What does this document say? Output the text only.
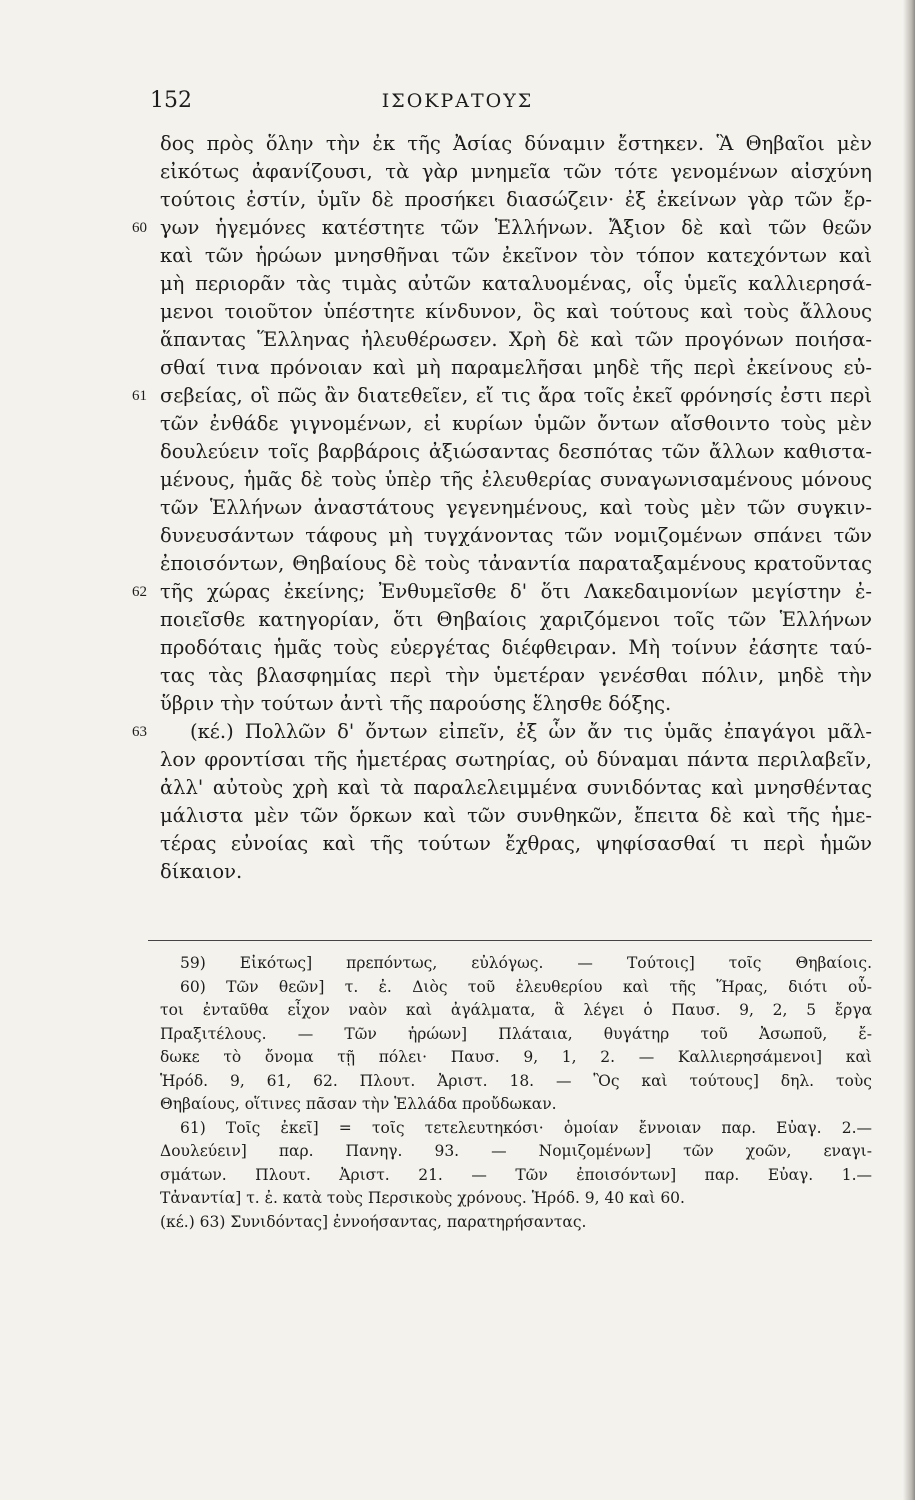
152	ΙΣΟΚΡΑΤΟΥΣ
δος πρὸς ὅλην τὴν ἐκ τῆς Ἀσίας δύναμιν ἔστηκεν. Ἃ Θηβαῖοι μὲν
εἰκότως ἀφανίζουσι, τὰ γὰρ μνημεῖα τῶν τότε γενομένων αἰσχύνη
τούτοις ἐστίν, ὑμῖν δὲ προσήκει διασώζειν· ἐξ ἐκείνων γὰρ τῶν ἔρ-
γων ἡγεμόνες κατέστητε τῶν Ἑλλήνων. Ἄξιον δὲ καὶ τῶν θεῶν
60
καὶ τῶν ἡρώων μνησθῆναι τῶν ἐκεῖνον τὸν τόπον κατεχόντων καὶ
μὴ περιορᾶν τὰς τιμὰς αὐτῶν καταλυομένας, οἷς ὑμεῖς καλλιερησά-
μενοι τοιοῦτον ὑπέστητε κίνδυνον, ὃς καὶ τούτους καὶ τοὺς ἄλλους
ἅπαντας Ἕλληνας ἠλευθέρωσεν. Χρὴ δὲ καὶ τῶν προγόνων ποιήσα-
σθαί τινα πρόνοιαν καὶ μὴ παραμελῆσαι μηδὲ τῆς περὶ ἐκείνους εὐ-
σεβείας, οἳ πῶς ἂν διατεθεῖεν, εἴ τις ἄρα τοῖς ἐκεῖ φρόνησίς ἐστι περὶ
61
τῶν ἐνθάδε γιγνομένων, εἰ κυρίων ὑμῶν ὄντων αἴσθοιντο τοὺς μὲν
δουλεύειν τοῖς βαρβάροις ἀξιώσαντας δεσπότας τῶν ἄλλων καθιστα-
μένους, ἡμᾶς δὲ τοὺς ὑπὲρ τῆς ἐλευθερίας συναγωνισαμένους μόνους
τῶν Ἑλλήνων ἀναστάτους γεγενημένους, καὶ τοὺς μὲν τῶν συγκιν-
δυνευσάντων τάφους μὴ τυγχάνοντας τῶν νομιζομένων σπάνει τῶν
ἐποισόντων, Θηβαίους δὲ τοὺς τἀναντία παραταξαμένους κρατοῦντας
τῆς χώρας ἐκείνης; Ἐνθυμεῖσθε δ' ὅτι Λακεδαιμονίων μεγίστην ἐ-
62
ποιεῖσθε κατηγορίαν, ὅτι Θηβαίοις χαριζόμενοι τοῖς τῶν Ἑλλήνων
προδόταις ἡμᾶς τοὺς εὐεργέτας διέφθειραν. Μὴ τοίνυν ἐάσητε ταύ-
τας τὰς βλασφημίας περὶ τὴν ὑμετέραν γενέσθαι πόλιν, μηδὲ τὴν
ὕβριν τὴν τούτων ἀντὶ τῆς παρούσης ἕλησθε δόξης.
(κέ.) Πολλῶν δ' ὄντων εἰπεῖν, ἐξ ὧν ἄν τις ὑμᾶς ἐπαγάγοι μᾶλ-
63
λον φροντίσαι τῆς ἡμετέρας σωτηρίας, οὐ δύναμαι πάντα περιλαβεῖν,
ἀλλ' αὐτοὺς χρὴ καὶ τὰ παραλελειμμένα συνιδόντας καὶ μνησθέντας
μάλιστα μὲν τῶν ὅρκων καὶ τῶν συνθηκῶν, ἔπειτα δὲ καὶ τῆς ἡμε-
τέρας εὐνοίας καὶ τῆς τούτων ἔχθρας, ψηφίσασθαί τι περὶ ἡμῶν
δίκαιον.
59) Εἰκότως] πρεπόντως, εὐλόγως. — Τούτοις] τοῖς Θηβαίοις.
60) Τῶν θεῶν] τ. ἐ. Διὸς τοῦ ἐλευθερίου καὶ τῆς Ἥρας, διότι οὗ-
τοι ἐνταῦθα εἶχον ναὸν καὶ ἀγάλματα, ἃ λέγει ὁ Παυσ. 9, 2, 5 ἔργα
Πραξιτέλους. — Τῶν ἡρώων] Πλάταια, θυγάτηρ τοῦ Ἀσωποῦ, ἔ-
δωκε τὸ ὄνομα τῇ πόλει· Παυσ. 9, 1, 2. — Καλλιερησάμενοι] καὶ
Ἡρόδ. 9, 61, 62. Πλουτ. Ἀριστ. 18. — Ὃς καὶ τούτους] δηλ. τοὺς
Θηβαίους, οἵτινες πᾶσαν τὴν Ἑλλάδα προὔδωκαν.
61) Τοῖς ἐκεῖ] = τοῖς τετελευτηκόσι· ὁμοίαν ἔννοιαν παρ. Εὐαγ. 2.—
Δουλεύειν] παρ. Πανηγ. 93. — Νομιζομένων] τῶν χοῶν, εναγι-
σμάτων. Πλουτ. Ἀριστ. 21. — Τῶν ἐποισόντων] παρ. Εὐαγ. 1.—
Τἀναντία] τ. ἐ. κατὰ τοὺς Περσικοὺς χρόνους. Ἡρόδ. 9, 40 καὶ 60.
(κέ.) 63) Συνιδόντας] ἐννοήσαντας, παρατηρήσαντας.
